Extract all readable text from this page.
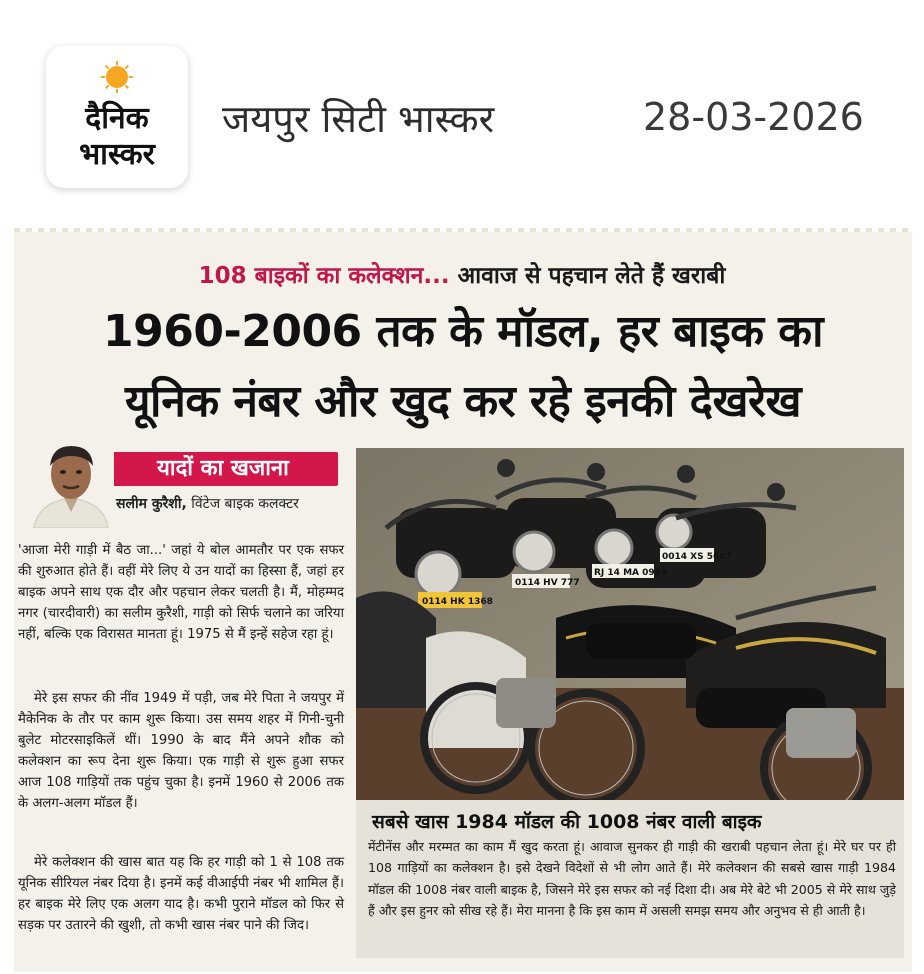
दैनिक
भास्कर
जयपुर सिटी भास्कर	28-03-2026
108 बाइकों का कलेक्शन... आवाज से पहचान लेते हैं खराबी
1960-2006 तक के मॉडल, हर बाइक का
यूनिक नंबर और खुद कर रहे इनकी देखरेख
यादों का खजाना
सलीम कुरैशी, विंटेज बाइक कलक्टर
'आजा मेरी गाड़ी में बैठ जा...' जहां ये बोल आमतौर पर एक सफर की शुरुआत होते हैं। वहीं मेरे लिए ये उन यादों का हिस्सा हैं, जहां हर बाइक अपने साथ एक दौर और पहचान लेकर चलती है। मैं, मोहम्मद नगर (चारदीवारी) का सलीम कुरैशी, गाड़ी को सिर्फ चलाने का जरिया नहीं, बल्कि एक विरासत मानता हूं। 1975 से मैं इन्हें सहेज रहा हूं।
मेरे इस सफर की नींव 1949 में पड़ी, जब मेरे पिता ने जयपुर में मैकेनिक के तौर पर काम शुरू किया। उस समय शहर में गिनी-चुनी बुलेट मोटरसाइकिलें थीं। 1990 के बाद मैंने अपने शौक को कलेक्शन का रूप देना शुरू किया। एक गाड़ी से शुरू हुआ सफर आज 108 गाड़ियों तक पहुंच चुका है। इनमें 1960 से 2006 तक के अलग-अलग मॉडल हैं।
मेरे कलेक्शन की खास बात यह कि हर गाड़ी को 1 से 108 तक यूनिक सीरियल नंबर दिया है। इनमें कई वीआईपी नंबर भी शामिल हैं। हर बाइक मेरे लिए एक अलग याद है। कभी पुराने मॉडल को फिर से सड़क पर उतारने की खुशी, तो कभी खास नंबर पाने की जिद।
0114 HK 1368
0114 HV 777
RJ 14 MA 0999
0014 XS 5687
सबसे खास 1984 मॉडल की 1008 नंबर वाली बाइक
मेंटीनेंस और मरम्मत का काम मैं खुद करता हूं। आवाज सुनकर ही गाड़ी की खराबी पहचान लेता हूं। मेरे घर पर ही 108 गाड़ियों का कलेक्शन है। इसे देखने विदेशों से भी लोग आते हैं। मेरे कलेक्शन की सबसे खास गाड़ी 1984 मॉडल की 1008 नंबर वाली बाइक है, जिसने मेरे इस सफर को नई दिशा दी। अब मेरे बेटे भी 2005 से मेरे साथ जुड़े हैं और इस हुनर को सीख रहे हैं। मेरा मानना है कि इस काम में असली समझ समय और अनुभव से ही आती है।
